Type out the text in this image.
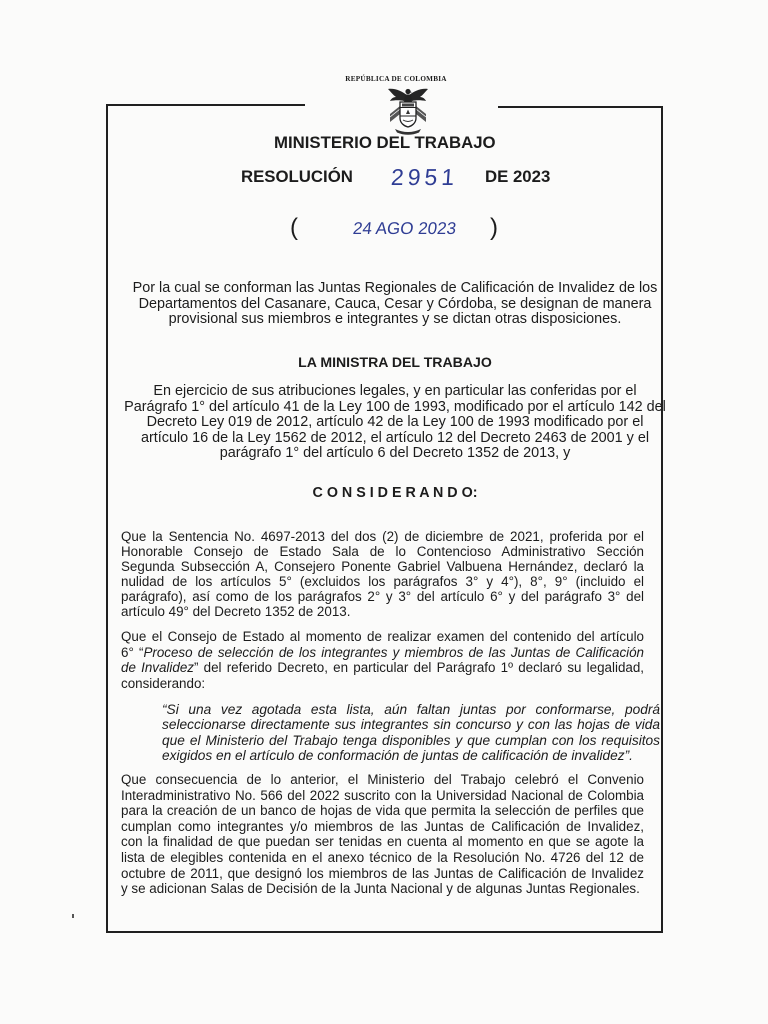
REPÚBLICA DE COLOMBIA
MINISTERIO DEL TRABAJO
RESOLUCIÓN 2951 DE 2023
(	24 AGO 2023 )
Por la cual se conforman las Juntas Regionales de Calificación de Invalidez de los
Departamentos del Casanare, Cauca, Cesar y Córdoba, se designan de manera
provisional sus miembros e integrantes y se dictan otras disposiciones.
LA MINISTRA DEL TRABAJO
En ejercicio de sus atribuciones legales, y en particular las conferidas por el
Parágrafo 1° del artículo 41 de la Ley 100 de 1993, modificado por el artículo 142 del
Decreto Ley 019 de 2012, artículo 42 de la Ley 100 de 1993 modificado por el
artículo 16 de la Ley 1562 de 2012, el artículo 12 del Decreto 2463 de 2001 y el
parágrafo 1° del artículo 6 del Decreto 1352 de 2013, y
C O N S I D E R A N D O:
Que la Sentencia No. 4697-2013 del dos (2) de diciembre de 2021, proferida por el
Honorable Consejo de Estado Sala de lo Contencioso Administrativo Sección
Segunda Subsección A, Consejero Ponente Gabriel Valbuena Hernández, declaró la
nulidad de los artículos 5° (excluidos los parágrafos 3° y 4°), 8°, 9° (incluido el
parágrafo), así como de los parágrafos 2° y 3° del artículo 6° y del parágrafo 3° del
artículo 49° del Decreto 1352 de 2013.
Que el Consejo de Estado al momento de realizar examen del contenido del artículo
6° “Proceso de selección de los integrantes y miembros de las Juntas de Calificación
de Invalidez” del referido Decreto, en particular del Parágrafo 1º declaró su legalidad,
considerando:
“Si una vez agotada esta lista, aún faltan juntas por conformarse, podrá
seleccionarse directamente sus integrantes sin concurso y con las hojas de vida
que el Ministerio del Trabajo tenga disponibles y que cumplan con los requisitos
exigidos en el artículo de conformación de juntas de calificación de invalidez”.
Que consecuencia de lo anterior, el Ministerio del Trabajo celebró el Convenio
Interadministrativo No. 566 del 2022 suscrito con la Universidad Nacional de Colombia
para la creación de un banco de hojas de vida que permita la selección de perfiles que
cumplan como integrantes y/o miembros de las Juntas de Calificación de Invalidez,
con la finalidad de que puedan ser tenidas en cuenta al momento en que se agote la
lista de elegibles contenida en el anexo técnico de la Resolución No. 4726 del 12 de
octubre de 2011, que designó los miembros de las Juntas de Calificación de Invalidez
y se adicionan Salas de Decisión de la Junta Nacional y de algunas Juntas Regionales.
